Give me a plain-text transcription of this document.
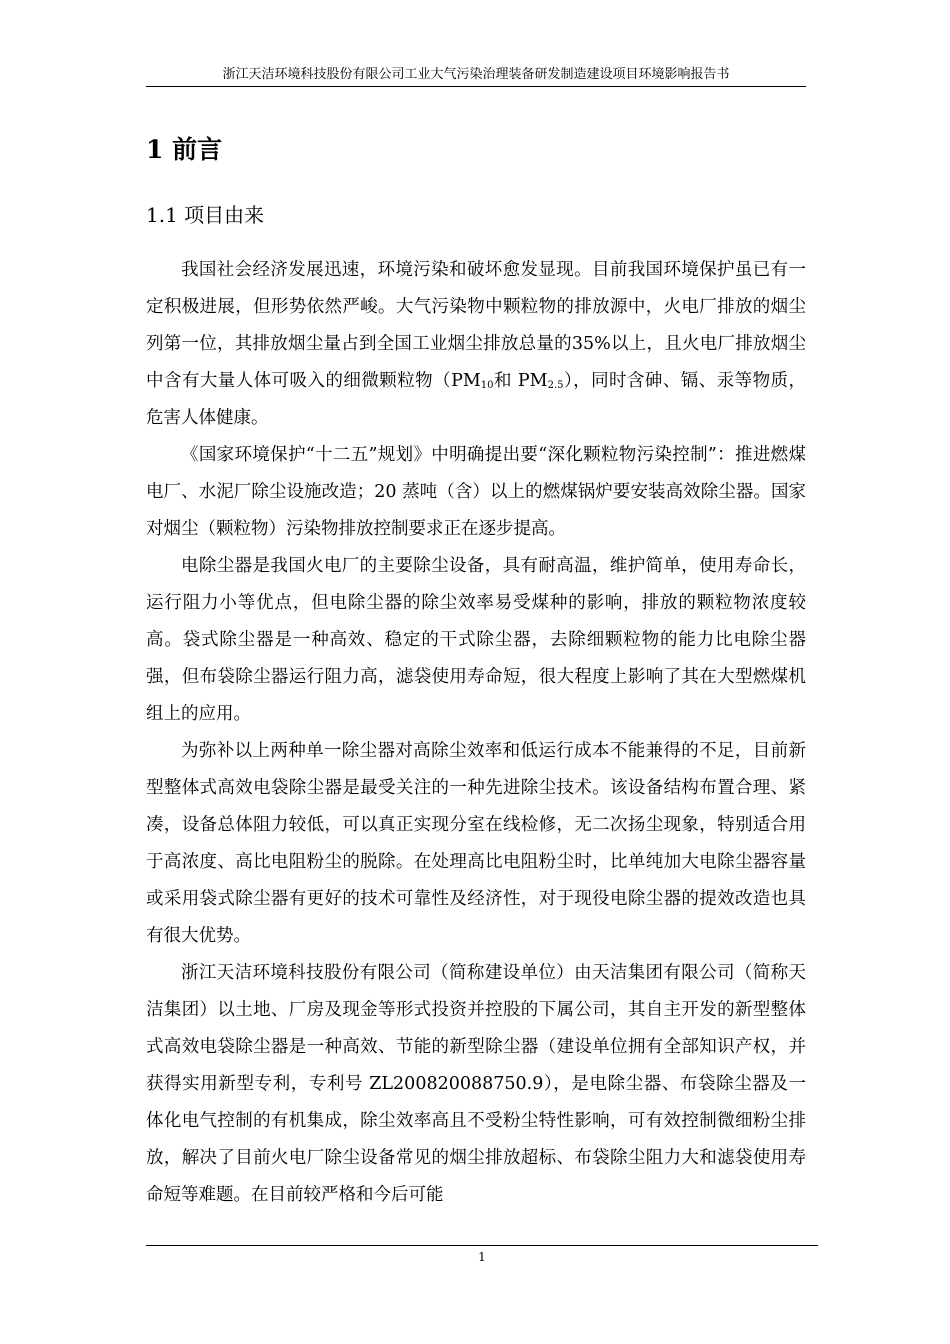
浙江天洁环境科技股份有限公司工业大气污染治理装备研发制造建设项目环境影响报告书
1 前言
1.1 项目由来

我国社会经济发展迅速，环境污染和破坏愈发显现。目前我国环境保护虽已有一定积极进展，但形势依然严峻。大气污染物中颗粒物的排放源中，火电厂排放的烟尘列第一位，其排放烟尘量占到全国工业烟尘排放总量的35%以上，且火电厂排放烟尘中含有大量人体可吸入的细微颗粒物（$PM_{10}$和 $PM_{2.5}$），同时含砷、镉、汞等物质，危害人体健康。

《国家环境保护“十二五”规划》中明确提出要“深化颗粒物污染控制”：推进燃煤电厂、水泥厂除尘设施改造；20 蒸吨（含）以上的燃煤锅炉要安装高效除尘器。国家对烟尘（颗粒物）污染物排放控制要求正在逐步提高。

电除尘器是我国火电厂的主要除尘设备，具有耐高温，维护简单，使用寿命长，运行阻力小等优点，但电除尘器的除尘效率易受煤种的影响，排放的颗粒物浓度较高。袋式除尘器是一种高效、稳定的干式除尘器，去除细颗粒物的能力比电除尘器强，但布袋除尘器运行阻力高，滤袋使用寿命短，很大程度上影响了其在大型燃煤机组上的应用。

为弥补以上两种单一除尘器对高除尘效率和低运行成本不能兼得的不足，目前新型整体式高效电袋除尘器是最受关注的一种先进除尘技术。该设备结构布置合理、紧凑，设备总体阻力较低，可以真正实现分室在线检修，无二次扬尘现象，特别适合用于高浓度、高比电阻粉尘的脱除。在处理高比电阻粉尘时，比单纯加大电除尘器容量或采用袋式除尘器有更好的技术可靠性及经济性，对于现役电除尘器的提效改造也具有很大优势。

浙江天洁环境科技股份有限公司（简称建设单位）由天洁集团有限公司（简称天洁集团）以土地、厂房及现金等形式投资并控股的下属公司，其自主开发的新型整体式高效电袋除尘器是一种高效、节能的新型除尘器（建设单位拥有全部知识产权，并获得实用新型专利，专利号 ZL200820088750.9），是电除尘器、布袋除尘器及一体化电气控制的有机集成，除尘效率高且不受粉尘特性影响，可有效控制微细粉尘排放，解决了目前火电厂除尘设备常见的烟尘排放超标、布袋除尘阻力大和滤袋使用寿命短等难题。在目前较严格和今后可能

1
